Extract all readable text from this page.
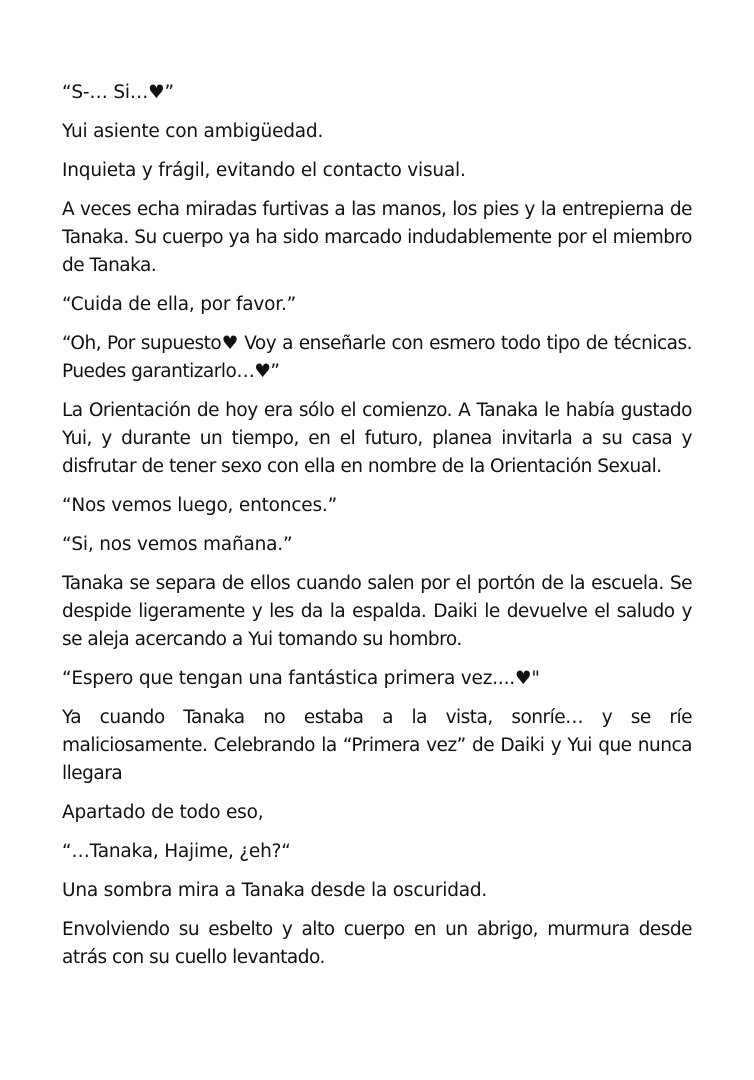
“S-… Si…♥”

Yui asiente con ambigüedad.

Inquieta y frágil, evitando el contacto visual.

A veces echa miradas furtivas a las manos, los pies y la entrepierna de Tanaka. Su cuerpo ya ha sido marcado indudablemente por el miembro de Tanaka.

“Cuida de ella, por favor.”

“Oh, Por supuesto♥ Voy a enseñarle con esmero todo tipo de técnicas. Puedes garantizarlo…♥”

La Orientación de hoy era sólo el comienzo. A Tanaka le había gustado Yui, y durante un tiempo, en el futuro, planea invitarla a su casa y disfrutar de tener sexo con ella en nombre de la Orientación Sexual.

“Nos vemos luego, entonces.”

“Si, nos vemos mañana.”

Tanaka se separa de ellos cuando salen por el portón de la escuela. Se despide ligeramente y les da la espalda. Daiki le devuelve el saludo y se aleja acercando a Yui tomando su hombro.

“Espero que tengan una fantástica primera vez....♥"

Ya cuando Tanaka no estaba a la vista, sonríe… y se ríe maliciosamente. Celebrando la “Primera vez” de Daiki y Yui que nunca llegara

Apartado de todo eso,

“…Tanaka, Hajime, ¿eh?“

Una sombra mira a Tanaka desde la oscuridad.

Envolviendo su esbelto y alto cuerpo en un abrigo, murmura desde atrás con su cuello levantado.
